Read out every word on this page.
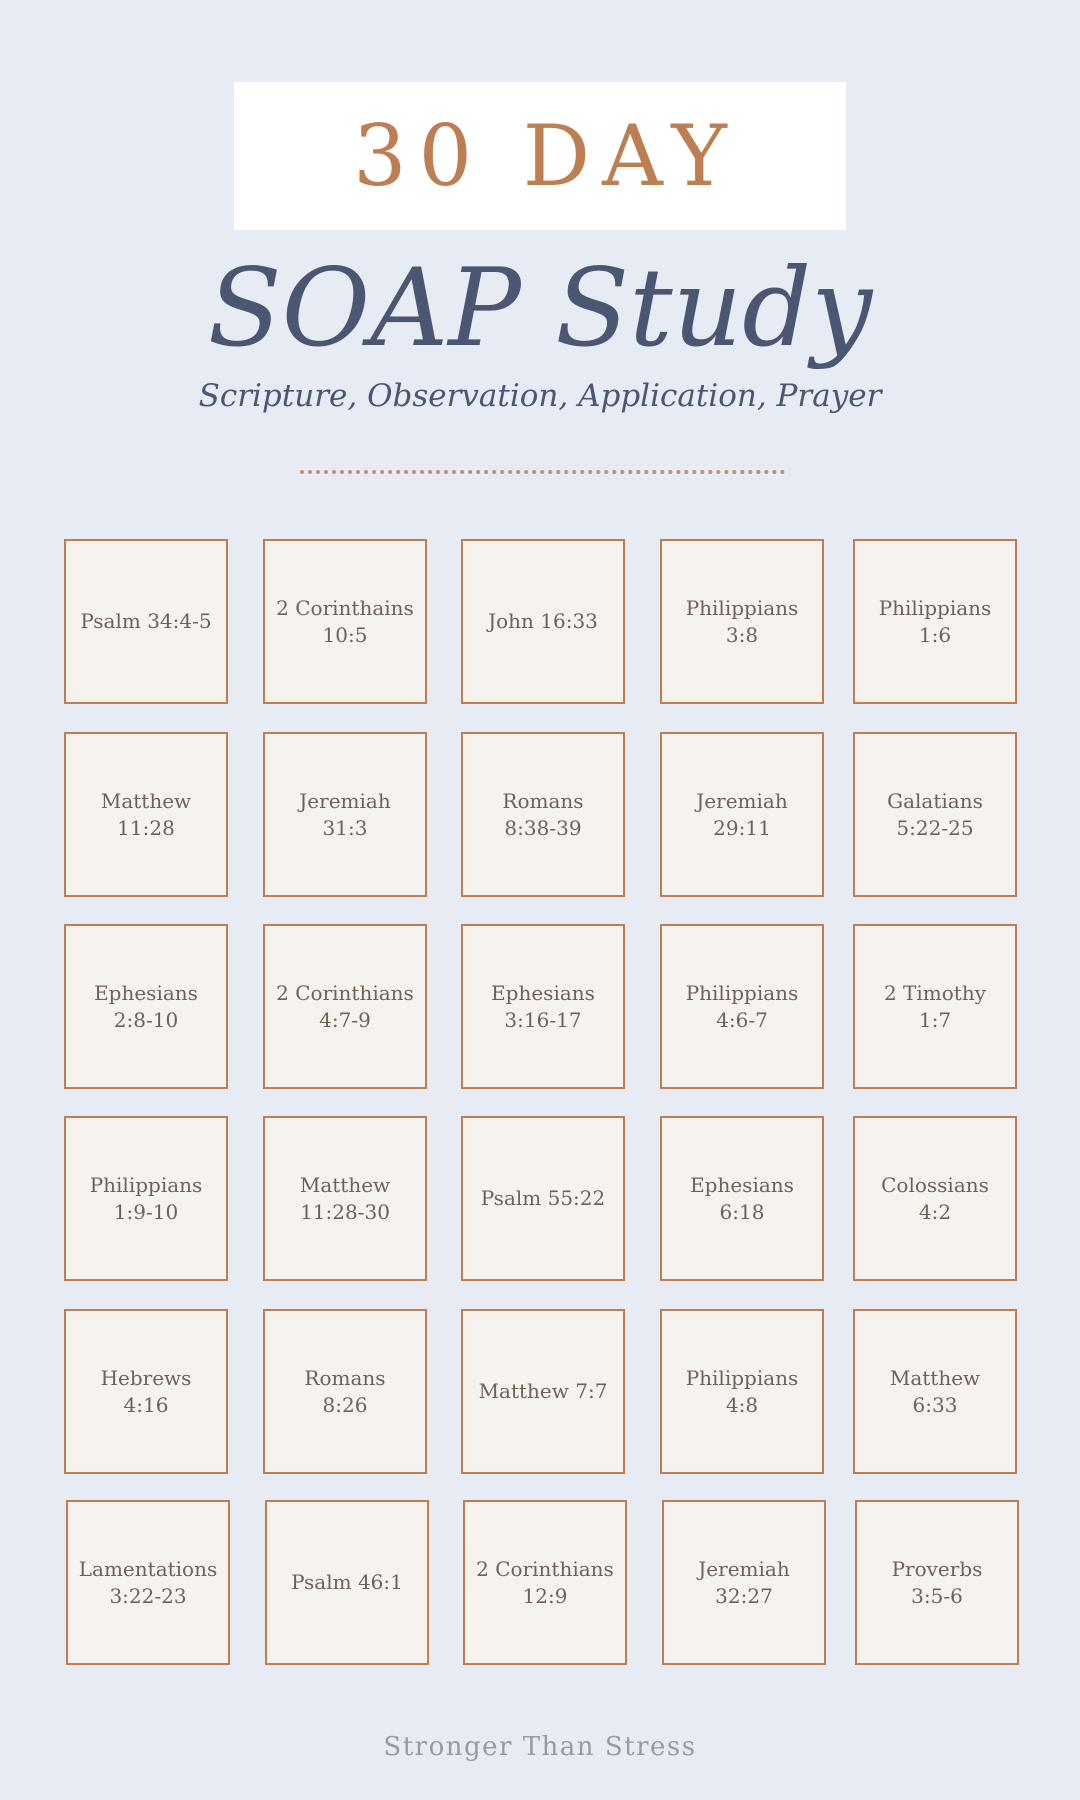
30 DAY
SOAP Study
Scripture, Observation, Application, Prayer
Psalm 34:4-5
2 Corinthains
10:5
John 16:33
Philippians
3:8
Philippians
1:6
Matthew
11:28
Jeremiah
31:3
Romans
8:38-39
Jeremiah
29:11
Galatians
5:22-25
Ephesians
2:8-10
2 Corinthians
4:7-9
Ephesians
3:16-17
Philippians
4:6-7
2 Timothy
1:7
Philippians
1:9-10
Matthew
11:28-30
Psalm 55:22
Ephesians
6:18
Colossians
4:2
Hebrews
4:16
Romans
8:26
Matthew 7:7
Philippians
4:8
Matthew
6:33
Lamentations
3:22-23
Psalm 46:1
2 Corinthians
12:9
Jeremiah
32:27
Proverbs
3:5-6
Stronger Than Stress
